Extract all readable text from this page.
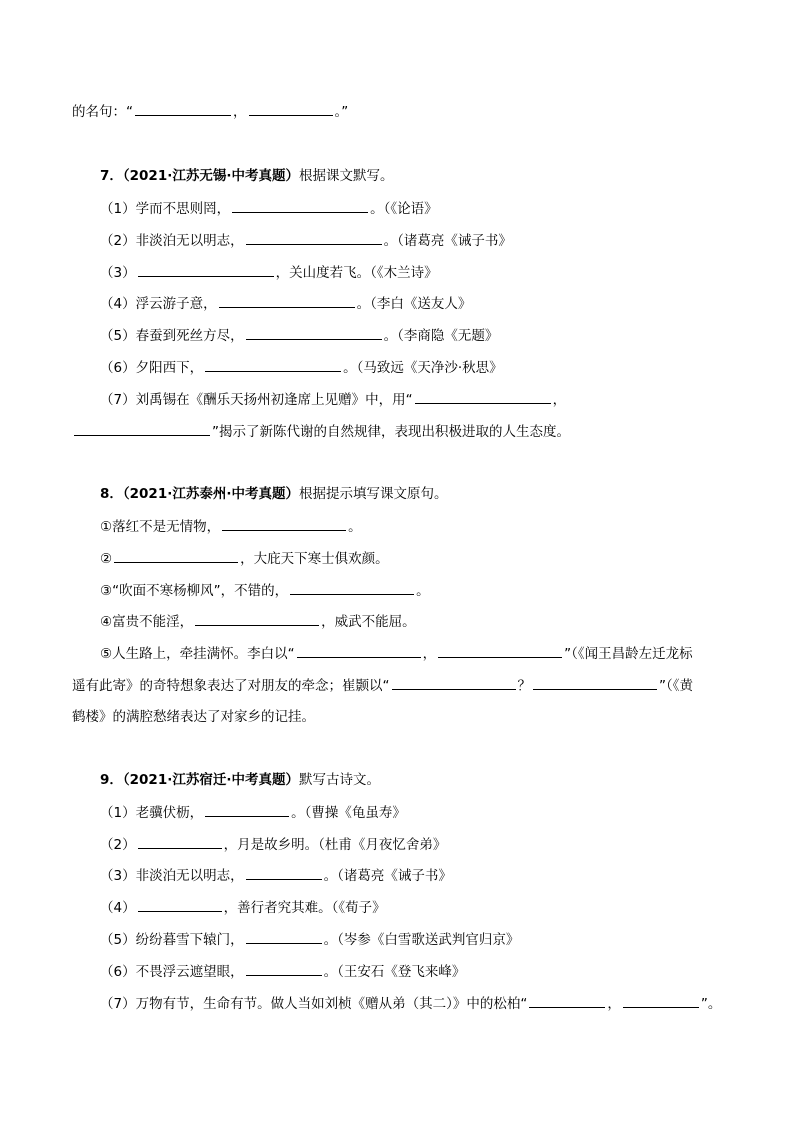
的名句：“	，	。”
7．（2021·江苏无锡·中考真题）根据课文默写。
（1）学而不思则罔，	。（《论语》
（2）非淡泊无以明志，	。（诸葛亮《诫子书》
（3）	，关山度若飞。（《木兰诗》
（4）浮云游子意，	。（李白《送友人》
（5）春蚕到死丝方尽，	。（李商隐《无题》
（6）夕阳西下，	。（马致远《天净沙·秋思》
（7）刘禹锡在《酬乐天扬州初逢席上见赠》中，用“	，
”揭示了新陈代谢的自然规律，表现出积极进取的人生态度。
8．（2021·江苏泰州·中考真题）根据提示填写课文原句。
①落红不是无情物，	。
②	，大庇天下寒士俱欢颜。
③“吹面不寒杨柳风”，不错的，	。
④富贵不能淫，	，威武不能屈。
⑤人生路上，牵挂满怀。李白以“	，	”（《闻王昌龄左迁龙标
遥有此寄》的奇特想象表达了对朋友的牵念；崔颢以“	？	”（《黄
鹤楼》的满腔愁绪表达了对家乡的记挂。
9．（2021·江苏宿迁·中考真题）默写古诗文。
（1）老骥伏枥，	。（曹操《龟虽寿》
（2）	，月是故乡明。（杜甫《月夜忆舍弟》
（3）非淡泊无以明志，	。（诸葛亮《诫子书》
（4）	，善行者究其难。（《荀子》
（5）纷纷暮雪下辕门，	。（岑参《白雪歌送武判官归京》
（6）不畏浮云遮望眼，	。（王安石《登飞来峰》
（7）万物有节，生命有节。做人当如刘桢《赠从弟（其二）》中的松柏“	，	”。
